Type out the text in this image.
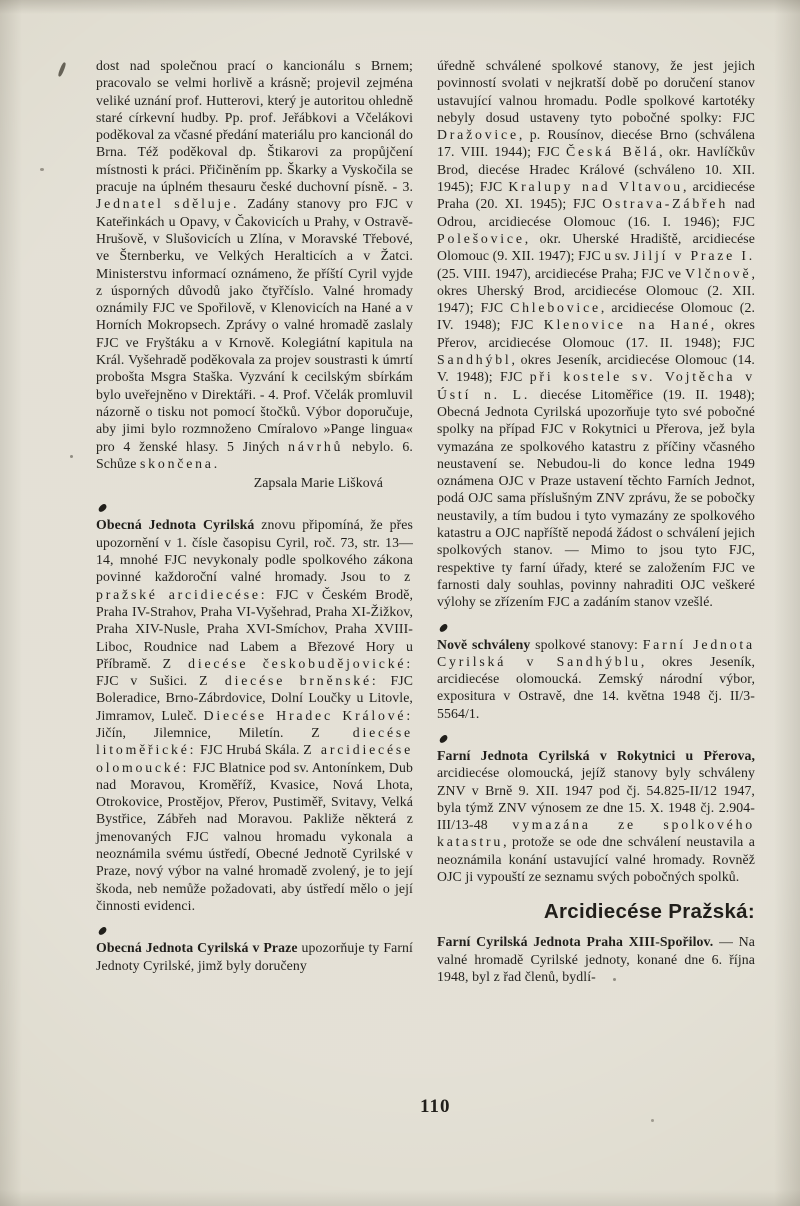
dost nad společnou prací o kancionálu s Brnem; pracovalo se velmi horlivě a krásně; projevil zejména veliké uznání prof. Hutterovi, který je autoritou ohledně staré církevní hudby. Pp. prof. Jeřábkovi a Včelákovi poděkoval za včasné předání materiálu pro kancionál do Brna. Též poděkoval dp. Štikarovi za propůjčení místnosti k práci. Přičiněním pp. Škarky a Vyskočila se pracuje na úplném thesauru české duchovní písně. - 3. Jednatel sděluje. Zadány stanovy pro FJC v Kateřinkách u Opavy, v Čakovicích u Prahy, v Ostravě-Hrušově, v Slušovicích u Zlína, v Moravské Třebové, ve Šternberku, ve Velkých Heralticích a v Žatci. Ministerstvu informací oznámeno, že příští Cyril vyjde z úsporných důvodů jako čtyřčíslo. Valné hromady oznámily FJC ve Spořilově, v Klenovicích na Hané a v Horních Mokropsech. Zprávy o valné hromadě zaslaly FJC ve Fryštáku a v Krnově. Kolegiátní kapitula na Král. Vyšehradě poděkovala za projev soustrasti k úmrtí probošta Msgra Staška. Vyzvání k cecilským sbírkám bylo uveřejněno v Direktáři. - 4. Prof. Včelák promluvil názorně o tisku not pomocí štočků. Výbor doporučuje, aby jimi bylo rozmnoženo Cmíralovo »Pange lingua« pro 4 ženské hlasy. 5 Jiných návrhů nebylo. 6. Schůze skončena.

Zapsala Marie Lišková

Obecná Jednota Cyrilská znovu připomíná, že přes upozornění v 1. čísle časopisu Cyril, roč. 73, str. 13—14, mnohé FJC nevykonaly podle spolkového zákona povinné každoroční valné hromady. Jsou to z pražské arcidiecése: FJC v Českém Brodě, Praha IV-Strahov, Praha VI-Vyšehrad, Praha XI-Žižkov, Praha XIV-Nusle, Praha XVI-Smíchov, Praha XVIII-Liboc, Roudnice nad Labem a Březové Hory u Příbramě. Z diecése českobudějovické: FJC v Sušici. Z diecése brněnské: FJC Boleradice, Brno-Zábrdovice, Dolní Loučky u Litovle, Jimramov, Luleč. Diecése Hradec Králové: Jičín, Jilemnice, Miletín. Z diecése litoměřické: FJC Hrubá Skála. Z arcidiecése olomoucké: FJC Blatnice pod sv. Antonínkem, Dub nad Moravou, Kroměříž, Kvasice, Nová Lhota, Otrokovice, Prostějov, Přerov, Pustiměř, Svitavy, Velká Bystřice, Zábřeh nad Moravou. Pakliže některá z jmenovaných FJC valnou hromadu vykonala a neoznámila svému ústředí, Obecné Jednotě Cyrilské v Praze, nový výbor na valné hromadě zvolený, je to její škoda, neb nemůže požadovati, aby ústředí mělo o její činnosti evidenci.

Obecná Jednota Cyrilská v Praze upozorňuje ty Farní Jednoty Cyrilské, jimž byly doručeny

úředně schválené spolkové stanovy, že jest jejich povinností svolati v nejkratší době po doručení stanov ustavující valnou hromadu. Podle spolkové kartotéky nebyly dosud ustaveny tyto pobočné spolky: FJC Dražovice, p. Rousínov, diecése Brno (schválena 17. VIII. 1944); FJC Česká Bělá, okr. Havlíčkův Brod, diecése Hradec Králové (schváleno 10. XII. 1945); FJC Kralupy nad Vltavou, arcidiecése Praha (20. XI. 1945); FJC Ostrava-Zábřeh nad Odrou, arcidiecése Olomouc (16. I. 1946); FJC Polešovice, okr. Uherské Hradiště, arcidiecése Olomouc (9. XII. 1947); FJC u sv. Jiljí v Praze I. (25. VIII. 1947), arcidiecése Praha; FJC ve Vlčnově, okres Uherský Brod, arcidiecése Olomouc (2. XII. 1947); FJC Chlebovice, arcidiecése Olomouc (2. IV. 1948); FJC Klenovice na Hané, okres Přerov, arcidiecése Olomouc (17. II. 1948); FJC Sandhýbl, okres Jeseník, arcidiecése Olomouc (14. V. 1948); FJC při kostele sv. Vojtěcha v Ústí n. L. diecése Litoměřice (19. II. 1948); Obecná Jednota Cyrilská upozorňuje tyto své pobočné spolky na případ FJC v Rokytnici u Přerova, jež byla vymazána ze spolkového katastru z příčiny včasného neustavení se. Nebudou-li do konce ledna 1949 oznámena OJC v Praze ustavení těchto Farních Jednot, podá OJC sama příslušným ZNV zprávu, že se pobočky neustavily, a tím budou i tyto vymazány ze spolkového katastru a OJC napříště nepodá žádost o schválení jejich spolkových stanov. — Mimo to jsou tyto FJC, respektive ty farní úřady, které se založením FJC ve farnosti daly souhlas, povinny nahraditi OJC veškeré výlohy se zřízením FJC a zadáním stanov vzešlé.

Nově schváleny spolkové stanovy: Farní Jednota Cyrilská v Sandhýblu, okres Jeseník, arcidiecése olomoucká. Zemský národní výbor, expositura v Ostravě, dne 14. května 1948 čj. II/3-5564/1.

Farní Jednota Cyrilská v Rokytnici u Přerova, arcidiecése olomoucká, jejíž stanovy byly schváleny ZNV v Brně 9. XII. 1947 pod čj. 54.825-II/12 1947, byla týmž ZNV výnosem ze dne 15. X. 1948 čj. 2.904-III/13-48 vymazána ze spolkového katastru, protože se ode dne schválení neustavila a neoznámila konání ustavující valné hromady. Rovněž OJC ji vypouští ze seznamu svých pobočných spolků.

Arcidiecése Pražská:

Farní Cyrilská Jednota Praha XIII-Spořilov. — Na valné hromadě Cyrilské jednoty, konané dne 6. října 1948, byl z řad členů, bydlí-

110
